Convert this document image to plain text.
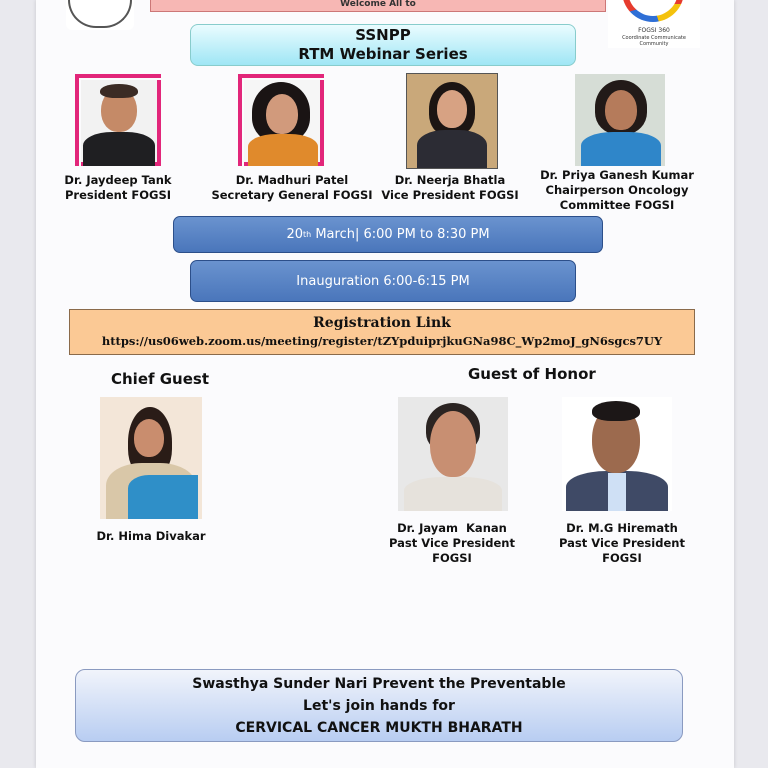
Welcome All to
FOGSI 360
Coordinate Communicate Community
SSNPP
RTM Webinar Series
Dr. Jaydeep Tank
President FOGSI
Dr. Madhuri Patel
Secretary General FOGSI
Dr. Neerja Bhatla
Vice President FOGSI
Dr. Priya Ganesh Kumar
Chairperson Oncology
Committee FOGSI
20 th March| 6:00 PM to 8:30 PM
Inauguration 6:00-6:15 PM
Registration Link
https://us06web.zoom.us/meeting/register/tZYpduiprjkuGNa98C_Wp2moJ_gN6sgcs7UY
Chief Guest
Dr. Hima Divakar
Guest of Honor
Dr. Jayam  Kanan
Past Vice President FOGSI
Dr. M.G Hiremath
Past Vice President FOGSI
Swasthya Sunder Nari Prevent the Preventable
Let's join hands for
CERVICAL CANCER MUKTH BHARATH
